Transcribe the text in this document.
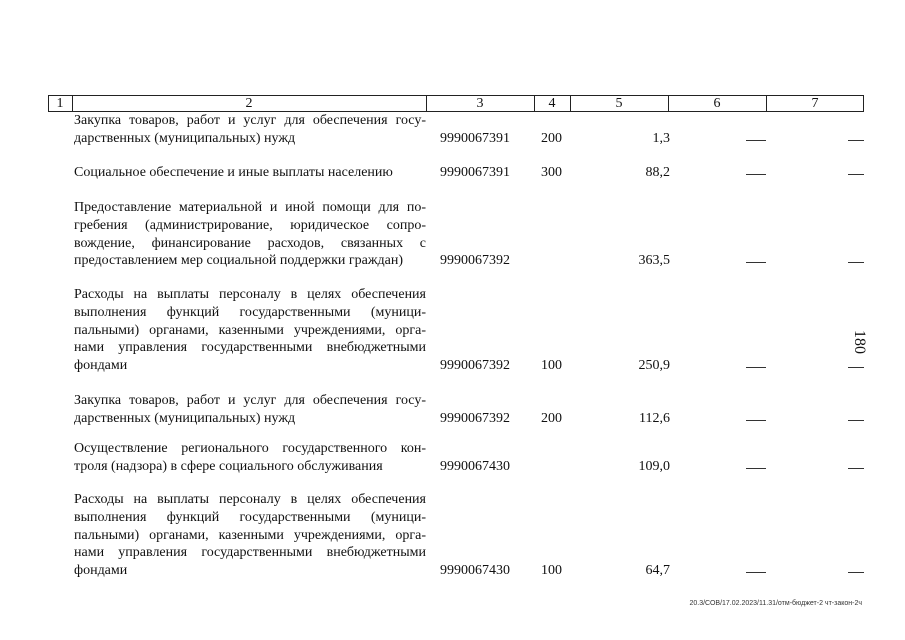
1	2	3	4	5	6	7
Закупка товаров, работ и услуг для обеспечения госу-
дарственных (муниципальных) нужд	9990067391 200	1,3
Социальное обеспечение и иные выплаты населению	9990067391 300	88,2
Предоставление материальной и иной помощи для по-
гребения (администрирование, юридическое сопро-
вождение, финансирование расходов, связанных с
предоставлением мер социальной поддержки граждан)	9990067392	363,5
Расходы на выплаты персоналу в целях обеспечения
выполнения функций государственными (муници-
пальными) органами, казенными учреждениями, орга-
нами управления государственными внебюджетными
фондами	9990067392 100	250,9
Закупка товаров, работ и услуг для обеспечения госу-
дарственных (муниципальных) нужд	9990067392 200	112,6
Осуществление регионального государственного кон-
троля (надзора) в сфере социального обслуживания	9990067430	109,0
Расходы на выплаты персоналу в целях обеспечения
выполнения функций государственными (муници-
пальными) органами, казенными учреждениями, орга-
нами управления государственными внебюджетными
фондами	9990067430 100	64,7
180
20.3/СОВ/17.02.2023/11.31/отм-бюджет-2 чт-закон-2ч
